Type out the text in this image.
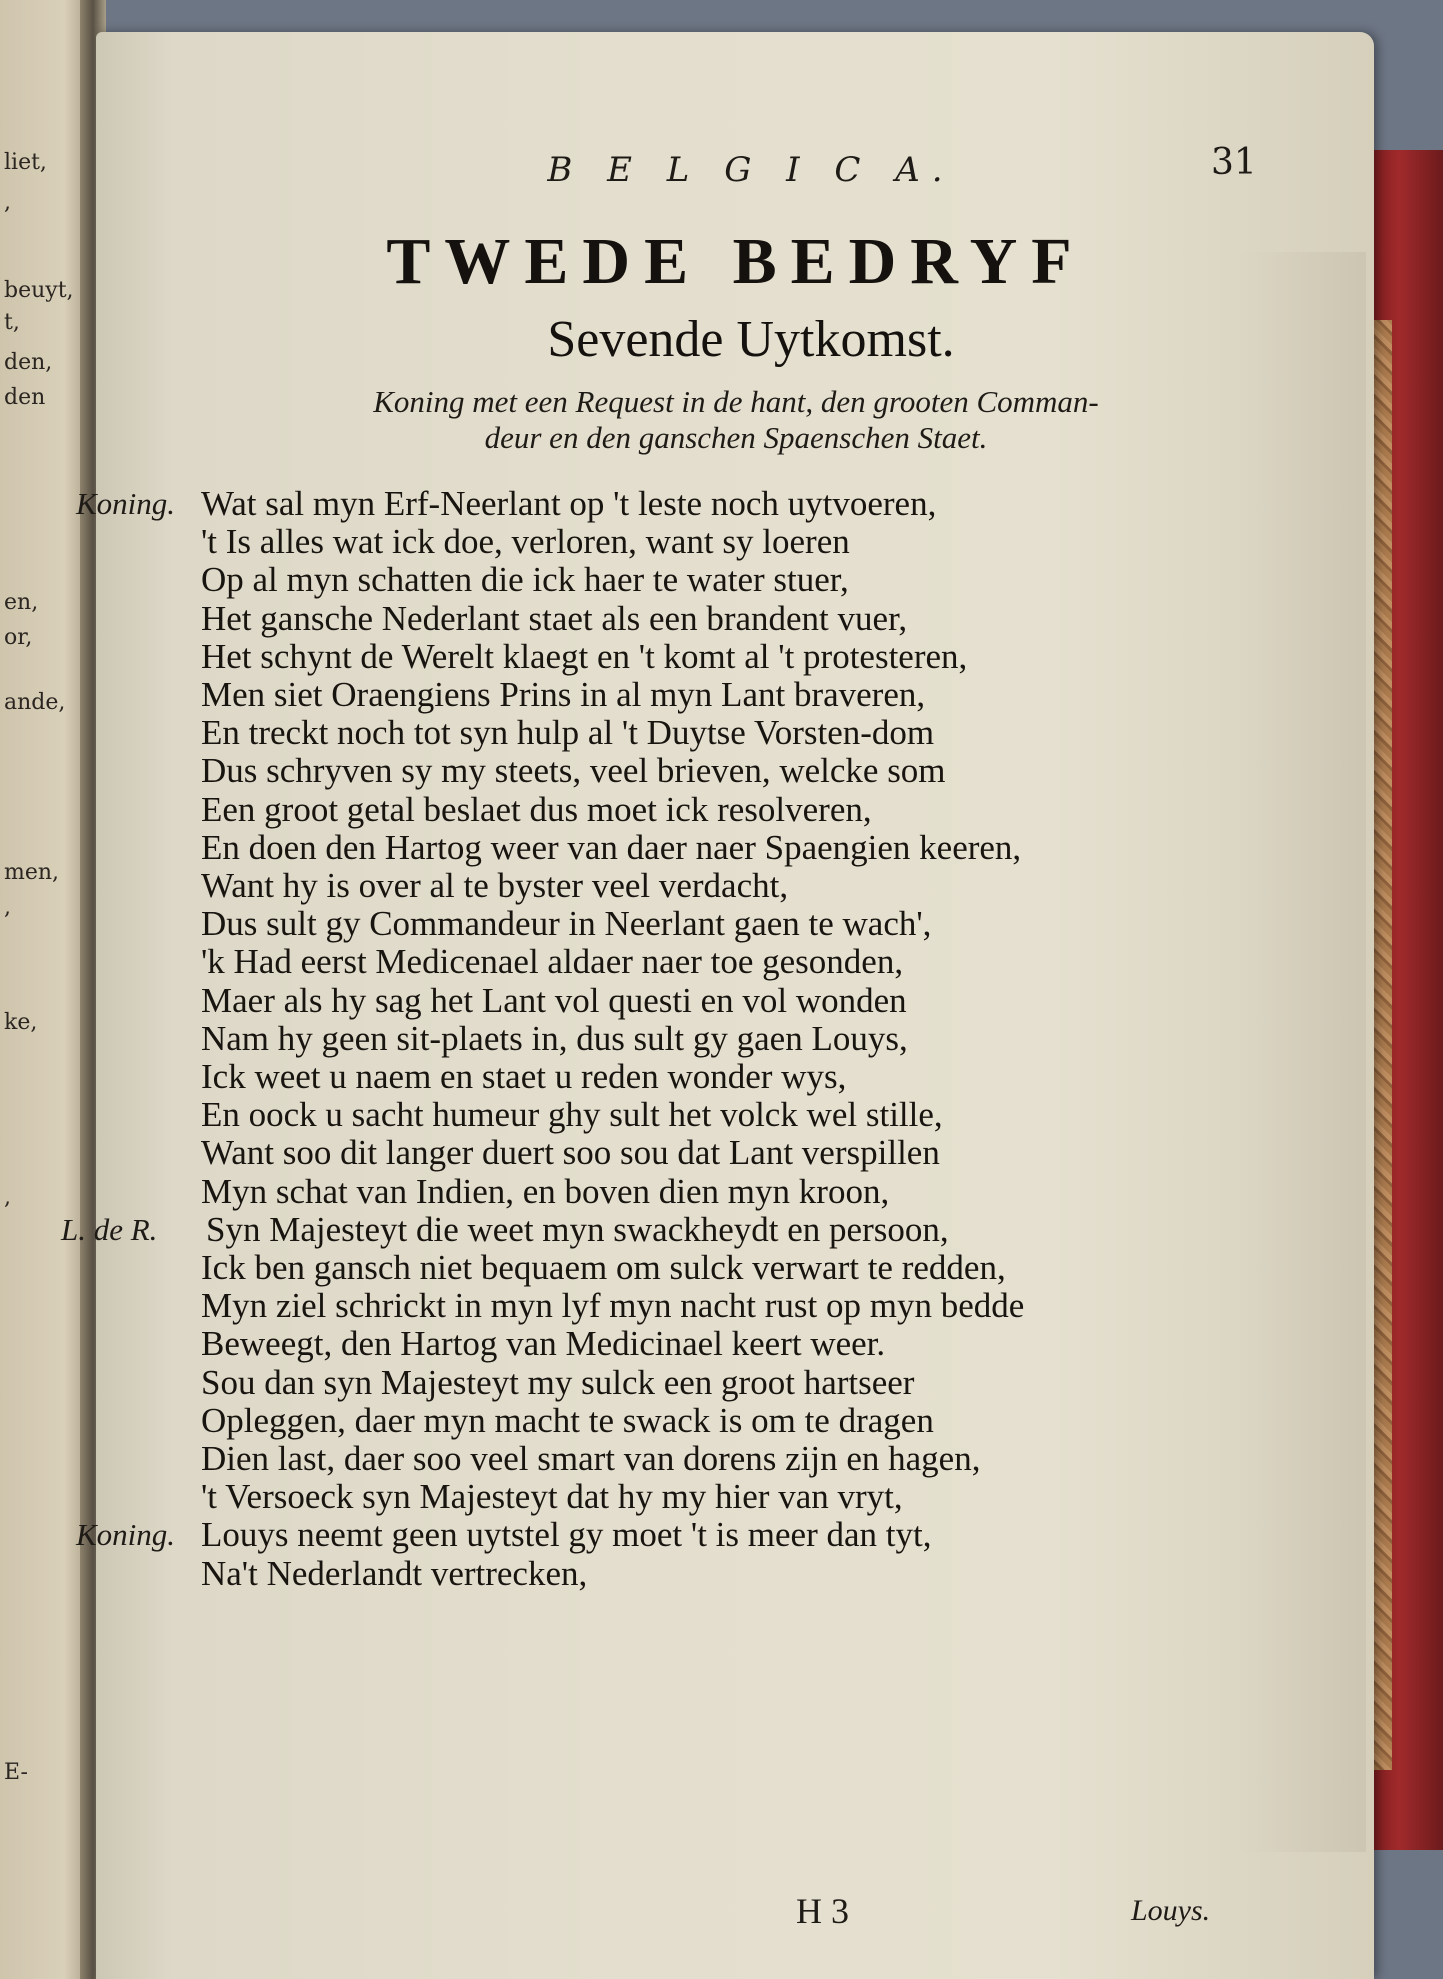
liet,
,
beuyt,
t,
den,
den
en,
or,
ande,
men,
,
ke,
,
E-
B E L G I C A.	31
TWEDE BEDRYF
Sevende Uytkomst.
Koning met een Request in de hant, den grooten Comman-
deur en den ganschen Spaenschen Staet.
Koning. Wat sal myn Erf-Neerlant op 't leste noch uytvoeren,
't Is alles wat ick doe, verloren, want sy loeren
Op al myn schatten die ick haer te water stuer,
Het gansche Nederlant staet als een brandent vuer,
Het schynt de Werelt klaegt en 't komt al 't protesteren,
Men siet Oraengiens Prins in al myn Lant braveren,
En treckt noch tot syn hulp al 't Duytse Vorsten-dom
Dus schryven sy my steets, veel brieven, welcke som
Een groot getal beslaet dus moet ick resolveren,
En doen den Hartog weer van daer naer Spaengien keeren,
Want hy is over al te byster veel verdacht,
Dus sult gy Commandeur in Neerlant gaen te wach',
'k Had eerst Medicenael aldaer naer toe gesonden,
Maer als hy sag het Lant vol questi en vol wonden
Nam hy geen sit-plaets in, dus sult gy gaen Louys,
Ick weet u naem en staet u reden wonder wys,
En oock u sacht humeur ghy sult het volck wel stille,
Want soo dit langer duert soo sou dat Lant verspillen
Myn schat van Indien, en boven dien myn kroon,
L. de R. Syn Majesteyt die weet myn swackheydt en persoon,
Ick ben gansch niet bequaem om sulck verwart te redden,
Myn ziel schrickt in myn lyf myn nacht rust op myn bedde
Beweegt, den Hartog van Medicinael keert weer.
Sou dan syn Majesteyt my sulck een groot hartseer
Opleggen, daer myn macht te swack is om te dragen
Dien last, daer soo veel smart van dorens zijn en hagen,
't Versoeck syn Majesteyt dat hy my hier van vryt,
Koning. Louys neemt geen uytstel gy moet 't is meer dan tyt,
Na't Nederlandt vertrecken,
H 3	Louys.
